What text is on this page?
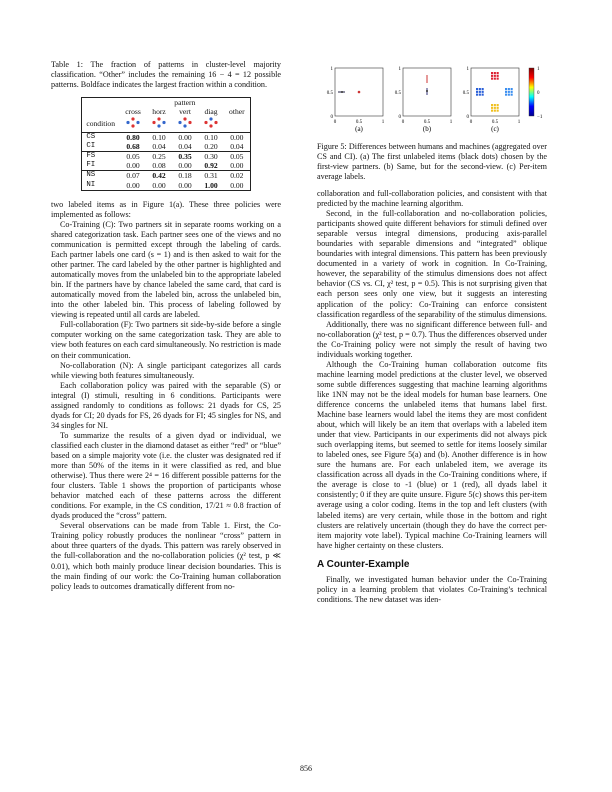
Table 1: The fraction of patterns in cluster-level majority classification. “Other” includes the remaining 16 − 4 = 12 possible patterns. Boldface indicates the largest fraction within a condition.

	pattern				
	cross	horz	vert	diag	other
condition					
CS	0.80	0.10	0.00	0.10	0.00
CI	0.68	0.04	0.04	0.20	0.04
FS	0.05	0.25	0.35	0.30	0.05
FI	0.00	0.08	0.00	0.92	0.00
NS	0.07	0.42	0.18	0.31	0.02
NI	0.00	0.00	0.00	1.00	0.00

two labeled items as in Figure 1(a). These three policies were implemented as follows:

Co-Training (C): Two partners sit in separate rooms working on a shared categorization task. Each partner sees one of the views and no communication is permitted except through the labeling of cards. Each partner labels one card (s = 1) and is then asked to wait for the other partner. The card labeled by the other partner is highlighted and automatically moves from the unlabeled bin to the appropriate labeled bin. If the partners have by chance labeled the same card, that card is automatically moved from the labeled bin, across the unlabeled bin, into the other labeled bin. This process of labeling followed by viewing is repeated until all cards are labeled.

Full-collaboration (F): Two partners sit side-by-side before a single computer working on the same categorization task. They are able to view both features on each card simultaneously. No restriction is made on their communication.

No-collaboration (N): A single participant categorizes all cards while viewing both features simultaneously.

Each collaboration policy was paired with the separable (S) or integral (I) stimuli, resulting in 6 conditions. Participants were assigned randomly to conditions as follows: 21 dyads for CS, 25 dyads for CI; 20 dyads for FS, 26 dyads for FI; 45 singles for NS, and 34 singles for NI.

To summarize the results of a given dyad or individual, we classified each cluster in the diamond dataset as either “red” or “blue” based on a simple majority vote (i.e. the cluster was designated red if more than 50% of the items in it were classified as red, and blue otherwise). Thus there were 2⁴ = 16 different possible patterns for the four clusters. Table 1 shows the proportion of participants whose behavior matched each of these patterns across the different conditions. For example, in the CS condition, 17/21 ≈ 0.8 fraction of dyads produced the “cross” pattern.

Several observations can be made from Table 1. First, the Co-Training policy robustly produces the nonlinear “cross” pattern in about three quarters of the dyads. This pattern was rarely observed in the full-collaboration and the no-collaboration policies (χ² test, p ≪ 0.01), which both mainly produce linear decision boundaries. This is the main finding of our work: the Co-Training human collaboration policy leads to outcomes dramatically different from no-

0
0
0.5
0.5
1
1
(a)
0
0
0.5
0.5
1
1
(b)
0
0
0.5
0.5
1
1
(c)
1
0
−1

Figure 5: Differences between humans and machines (aggregated over CS and CI). (a) The first unlabeled items (black dots) chosen by the first-view partners. (b) Same, but for the second-view. (c) Per-item average labels.

collaboration and full-collaboration policies, and consistent with that predicted by the machine learning algorithm.

Second, in the full-collaboration and no-collaboration policies, participants showed quite different behaviors for stimuli defined over separable versus integral dimensions, producing axis-parallel boundaries with separable dimensions and “integrated” oblique boundaries with integral dimensions. This pattern has been previously documented in a variety of work in cognition. In Co-Training, however, the separability of the stimulus dimensions does not affect behavior (CS vs. CI, χ² test, p = 0.5). This is not surprising given that each person sees only one view, but it suggests an interesting application of the policy: Co-Training can enforce consistent classification regardless of the separability of the stimulus dimensions.

Additionally, there was no significant difference between full- and no-collaboration (χ² test, p = 0.7). Thus the differences observed under the Co-Training policy were not simply the result of having two individuals working together.

Although the Co-Training human collaboration outcome fits machine learning model predictions at the cluster level, we observed some subtle differences suggesting that machine learning algorithms like 1NN may not be the ideal models for human base learners. One difference concerns the unlabeled items that humans label first. Machine base learners would label the items they are most confident about, which will likely be an item that overlaps with a labeled item under that view. Participants in our experiments did not always pick such overlapping items, but seemed to settle for items loosely similar to labeled ones, see Figure 5(a) and (b). Another difference is in how sure the humans are. For each unlabeled item, we average its classification across all dyads in the Co-Training conditions where, if the average is close to -1 (blue) or 1 (red), all dyads label it consistently; 0 if they are quite unsure. Figure 5(c) shows this per-item average using a color coding. Items in the top and left clusters (with labeled items) are very certain, while those in the bottom and right clusters are relatively uncertain (though they do have the correct per-item majority vote label). Typical machine Co-Training learners will have higher certainty on these clusters.

A Counter-Example

Finally, we investigated human behavior under the Co-Training policy in a learning problem that violates Co-Training’s technical conditions. The new dataset was iden-

856
